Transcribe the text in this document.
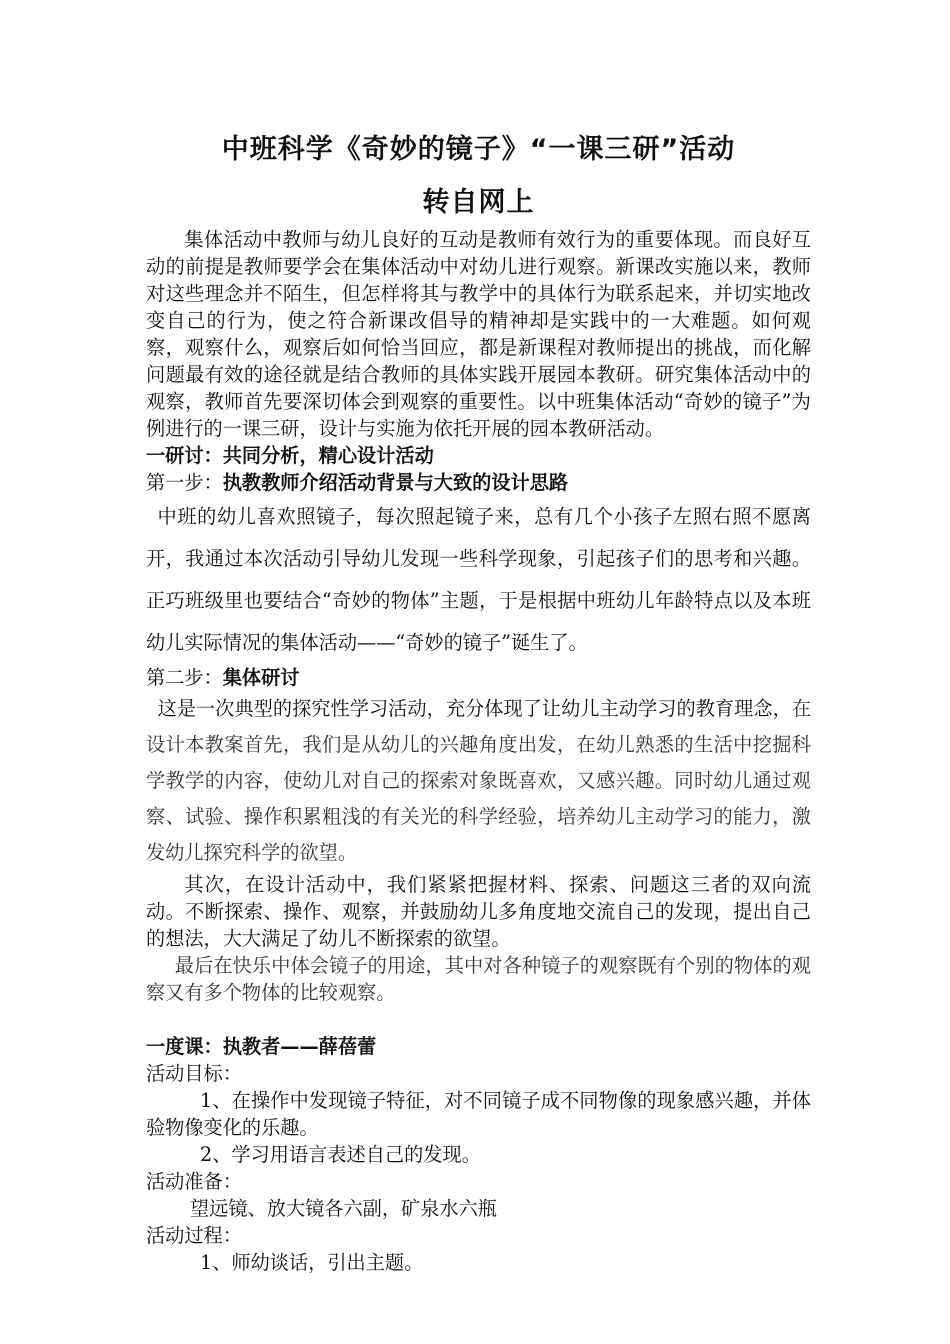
中班科学《奇妙的镜子》“一课三研”活动
转自网上

集体活动中教师与幼儿良好的互动是教师有效行为的重要体现。而良好互动的前提是教师要学会在集体活动中对幼儿进行观察。新课改实施以来，教师对这些理念并不陌生，但怎样将其与教学中的具体行为联系起来，并切实地改变自己的行为，使之符合新课改倡导的精神却是实践中的一大难题。如何观察，观察什么，观察后如何恰当回应，都是新课程对教师提出的挑战，而化解问题最有效的途径就是结合教师的具体实践开展园本教研。研究集体活动中的观察，教师首先要深切体会到观察的重要性。以中班集体活动“奇妙的镜子”为例进行的一课三研，设计与实施为依托开展的园本教研活动。

一研讨：共同分析，精心设计活动

第一步：执教教师介绍活动背景与大致的设计思路

中班的幼儿喜欢照镜子，每次照起镜子来，总有几个小孩子左照右照不愿离开，我通过本次活动引导幼儿发现一些科学现象，引起孩子们的思考和兴趣。正巧班级里也要结合“奇妙的物体”主题，于是根据中班幼儿年龄特点以及本班幼儿实际情况的集体活动——“奇妙的镜子”诞生了。

第二步：集体研讨

这是一次典型的探究性学习活动，充分体现了让幼儿主动学习的教育理念，在设计本教案首先，我们是从幼儿的兴趣角度出发，在幼儿熟悉的生活中挖掘科学教学的内容，使幼儿对自己的探索对象既喜欢，又感兴趣。同时幼儿通过观察、试验、操作积累粗浅的有关光的科学经验，培养幼儿主动学习的能力，激发幼儿探究科学的欲望。

其次，在设计活动中，我们紧紧把握材料、探索、问题这三者的双向流动。不断探索、操作、观察，并鼓励幼儿多角度地交流自己的发现，提出自己的想法，大大满足了幼儿不断探索的欲望。

最后在快乐中体会镜子的用途，其中对各种镜子的观察既有个别的物体的观察又有多个物体的比较观察。

一度课：执教者——薛蓓蕾

活动目标：

1、在操作中发现镜子特征，对不同镜子成不同物像的现象感兴趣，并体验物像变化的乐趣。

2、学习用语言表述自己的发现。

活动准备：

望远镜、放大镜各六副，矿泉水六瓶

活动过程：

1、师幼谈话，引出主题。
